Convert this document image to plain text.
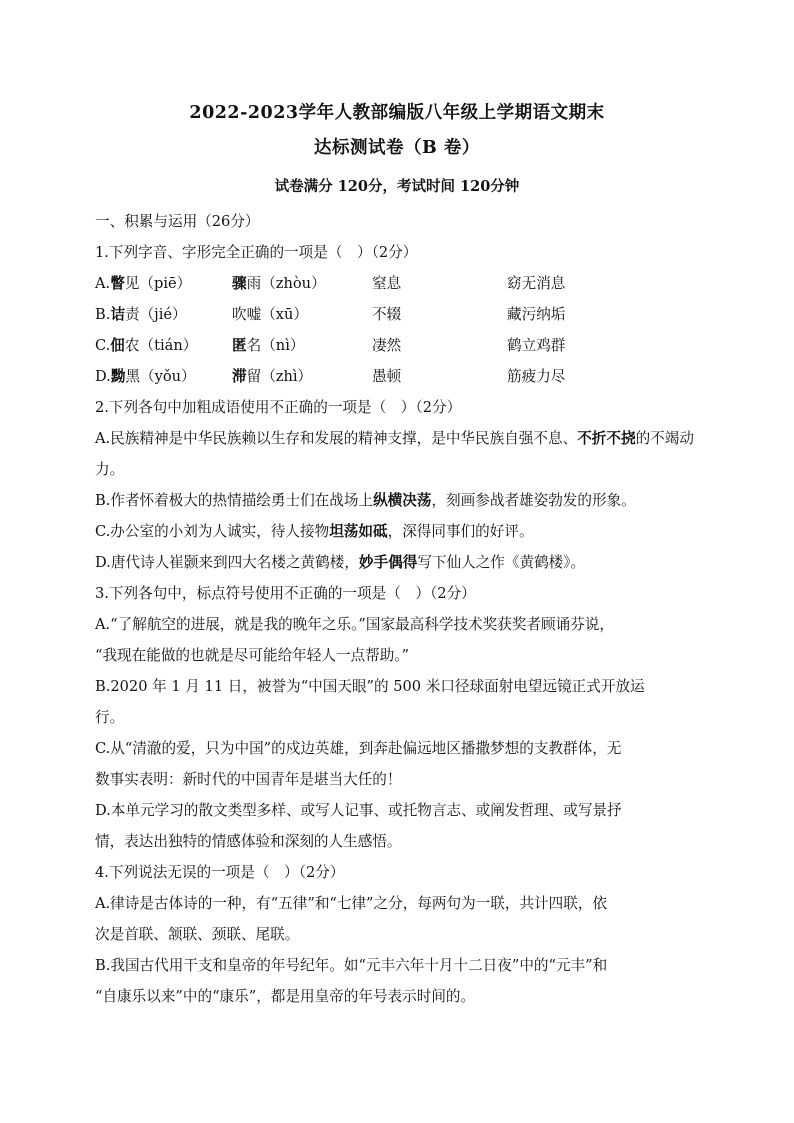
2022-2023学年人教部编版八年级上学期语文期末
达标测试卷（B 卷）
试卷满分 120分，考试时间 120分钟
一、积累与运用（26分）
1.下列字音、字形完全正确的一项是（　）（2分）
A.瞥见（piē）	骤雨（zhòu）	窒息	窈无消息
B.诘责（jié）	吹嘘（xū）	不辍	藏污纳垢
C.佃农（tián）	匿名（nì）	凄然	鹤立鸡群
D.黝黑（yǒu）	滞留（zhì）	愚顿	筋疲力尽
2.下列各句中加粗成语使用不正确的一项是（　）（2分）
A.民族精神是中华民族赖以生存和发展的精神支撑，是中华民族自强不息、不折不挠的不竭动力。
B.作者怀着极大的热情描绘勇士们在战场上纵横决荡，刻画参战者雄姿勃发的形象。
C.办公室的小刘为人诚实，待人接物坦荡如砥，深得同事们的好评。
D.唐代诗人崔颢来到四大名楼之黄鹤楼，妙手偶得写下仙人之作《黄鹤楼》。
3.下列各句中，标点符号使用不正确的一项是（　）（2分）
A.“了解航空的进展，就是我的晚年之乐。”国家最高科学技术奖获奖者顾诵芬说，
“我现在能做的也就是尽可能给年轻人一点帮助。”
B.2020 年 1 月 11 日，被誉为“中国天眼”的 500 米口径球面射电望远镜正式开放运
行。
C.从“清澈的爱，只为中国”的戍边英雄，到奔赴偏远地区播撒梦想的支教群体，无
数事实表明：新时代的中国青年是堪当大任的！
D.本单元学习的散文类型多样、或写人记事、或托物言志、或阐发哲理、或写景抒
情，表达出独特的情感体验和深刻的人生感悟。
4.下列说法无误的一项是（　）（2分）
A.律诗是古体诗的一种，有“五律”和“七律”之分，每两句为一联，共计四联，依
次是首联、颔联、颈联、尾联。
B.我国古代用干支和皇帝的年号纪年。如“元丰六年十月十二日夜”中的“元丰”和
“自康乐以来”中的“康乐”，都是用皇帝的年号表示时间的。
